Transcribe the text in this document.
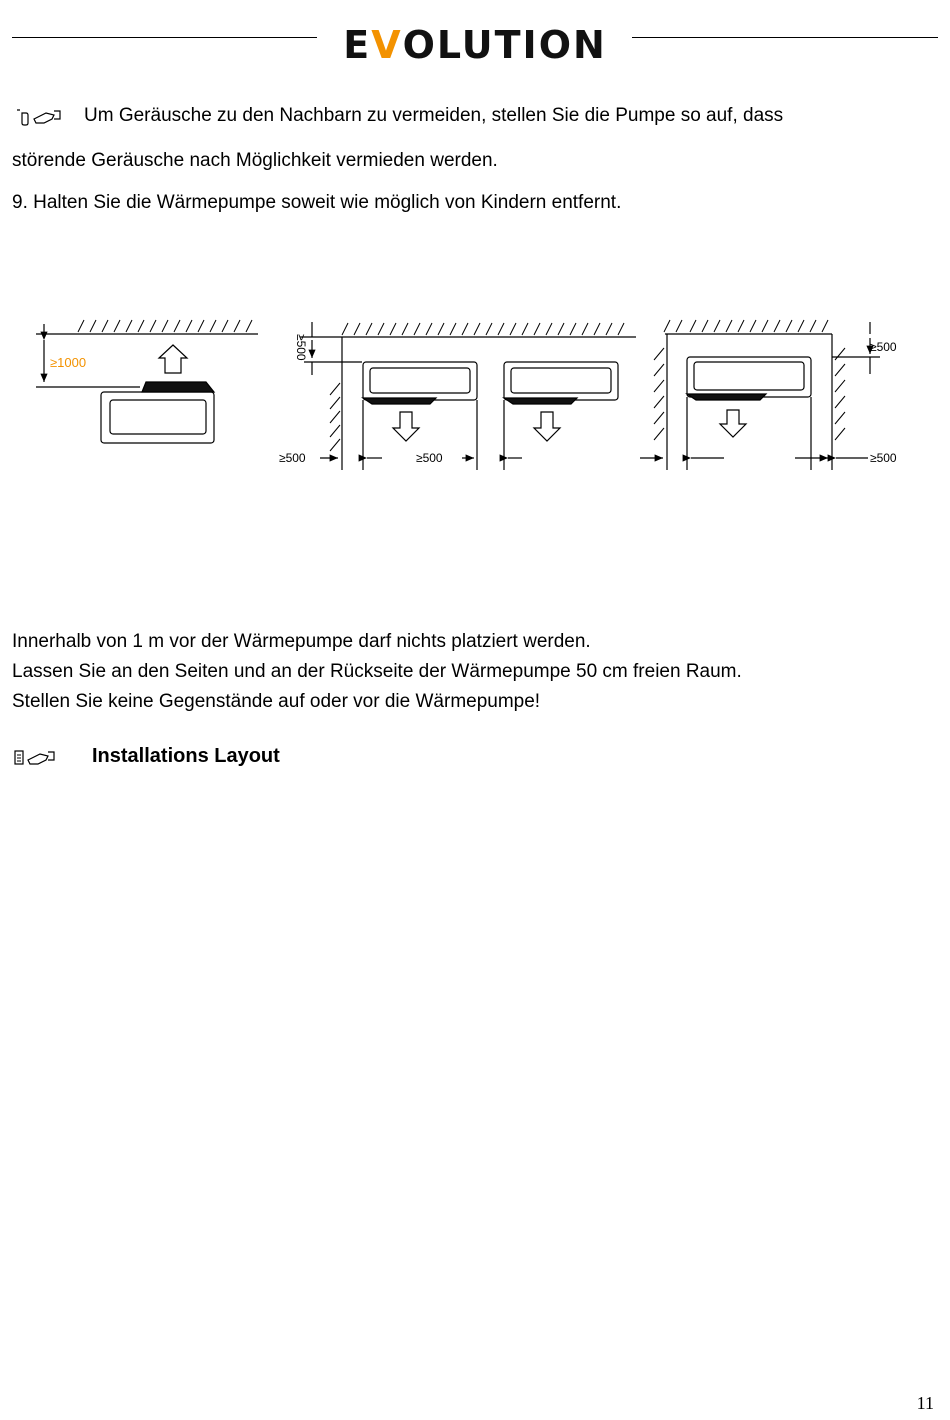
E V OLUTION
Um Geräusche zu den Nachbarn zu vermeiden, stellen Sie die Pumpe so auf, dass
störende Geräusche nach Möglichkeit vermieden werden.
9. Halten Sie die Wärmepumpe soweit wie möglich von Kindern entfernt.
≥1000
≥500
≥500	≥500
≥500
≥500
Innerhalb von 1 m vor der Wärmepumpe darf nichts platziert werden.
Lassen Sie an den Seiten und an der Rückseite der Wärmepumpe 50 cm freien Raum.
Stellen Sie keine Gegenstände auf oder vor die Wärmepumpe!
Installations Layout
11
